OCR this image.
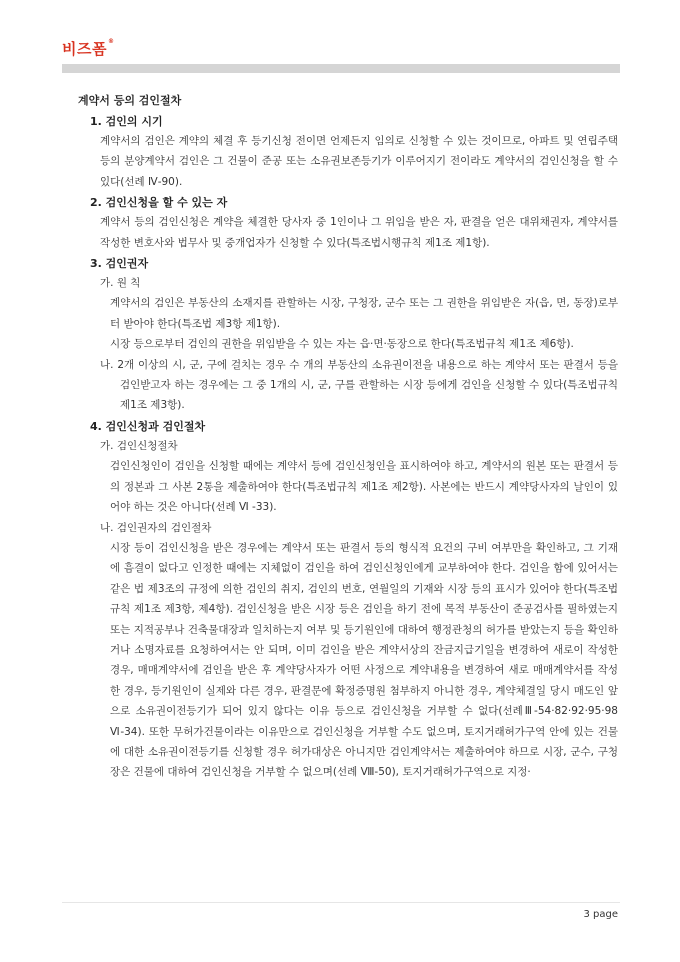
비즈폼®
계약서 등의 검인절차
1. 검인의 시기
계약서의 검인은 계약의 체결 후 등기신청 전이면 언제든지 임의로 신청할 수 있는 것이므로, 아파트 및 연립주택 등의 분양계약서 검인은 그 건물이 준공 또는 소유권보존등기가 이루어지기 전이라도 계약서의 검인신청을 할 수 있다(선례 Ⅳ-90).
2. 검인신청을 할 수 있는 자
계약서 등의 검인신청은 계약을 체결한 당사자 중 1인이나 그 위임을 받은 자, 판결을 얻은 대위채권자, 계약서를 작성한 변호사와 법무사 및 중개업자가 신청할 수 있다(특조법시행규칙 제1조 제1항).
3. 검인권자
가. 원 칙
계약서의 검인은 부동산의 소재지를 관할하는 시장, 구청장, 군수 또는 그 권한을 위임받은 자(읍, 면, 동장)로부터 받아야 한다(특조법 제3항 제1항).
시장 등으로부터 검인의 권한을 위임받을 수 있는 자는 읍·면·동장으로 한다(특조법규칙 제1조 제6항).
나. 2개 이상의 시, 군, 구에 걸치는 경우 수 개의 부동산의 소유권이전을 내용으로 하는 계약서 또는 판결서 등을 검인받고자 하는 경우에는 그 중 1개의 시, 군, 구를 관할하는 시장 등에게 검인을 신청할 수 있다(특조법규칙 제1조 제3항).
4. 검인신청과 검인절차
가. 검인신청절차
검인신청인이 검인을 신청할 때에는 계약서 등에 검인신청인을 표시하여야 하고, 계약서의 원본 또는 판결서 등의 정본과 그 사본 2통을 제출하여야 한다(특조법규칙 제1조 제2항). 사본에는 반드시 계약당사자의 날인이 있어야 하는 것은 아니다(선례 Ⅵ -33).
나. 검인권자의 검인절차
시장 등이 검인신청을 받은 경우에는 계약서 또는 판결서 등의 형식적 요건의 구비 여부만을 확인하고, 그 기재에 흠결이 없다고 인정한 때에는 지체없이 검인을 하여 검인신청인에게 교부하여야 한다. 검인을 함에 있어서는 같은 법 제3조의 규정에 의한 검인의 취지, 검인의 번호, 연월일의 기재와 시장 등의 표시가 있어야 한다(특조법규칙 제1조 제3항, 제4항). 검인신청을 받은 시장 등은 검인을 하기 전에 목적 부동산이 준공검사를 필하였는지 또는 지적공부나 건축물대장과 일치하는지 여부 및 등기원인에 대하여 행정관청의 허가를 받았는지 등을 확인하거나 소명자료를 요청하여서는 안 되며, 이미 검인을 받은 계약서상의 잔금지급기일을 변경하여 새로이 작성한 경우, 매매계약서에 검인을 받은 후 계약당사자가 어떤 사정으로 계약내용을 변경하여 새로 매매계약서를 작성한 경우, 등기원인이 실제와 다른 경우, 판결문에 확정증명원 첨부하지 아니한 경우, 계약체결일 당시 매도인 앞으로 소유권이전등기가 되어 있지 않다는 이유 등으로 검인신청을 거부할 수 없다(선례Ⅲ-54·82·92·95·98 Ⅵ-34). 또한 무허가건물이라는 이유만으로 검인신청을 거부할 수도 없으며, 토지거래허가구역 안에 있는 건물에 대한 소유권이전등기를 신청할 경우 허가대상은 아니지만 검인계약서는 제출하여야 하므로 시장, 군수, 구청장은 건물에 대하여 검인신청을 거부할 수 없으며(선례 Ⅷ-50), 토지거래허가구역으로 지정·
3 page
